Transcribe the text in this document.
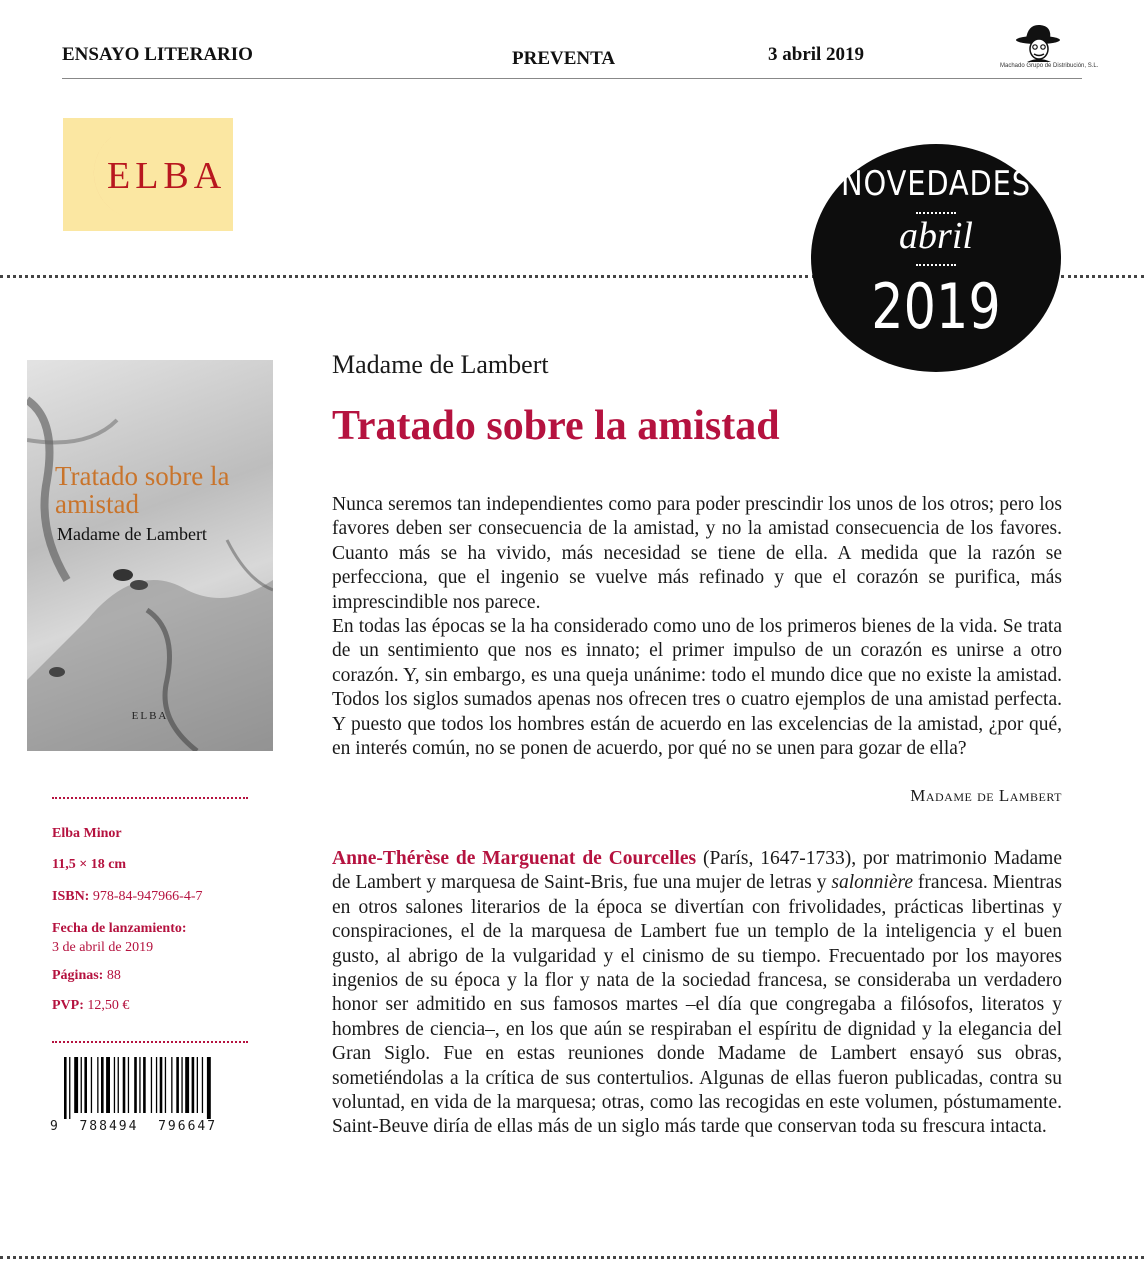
ENSAYO LITERARIO	PREVENTA	3 abril 2019
Machado Grupo de Distribución, S.L.
ELBA	NOVEDADES
abril
2019
Tratado sobre la amistad
Madame de Lambert
ELBA
Elba Minor
11,5 × 18 cm
ISBN: 978-84-947966-4-7
Fecha de lanzamiento:
3 de abril de 2019
Páginas: 88
PVP: 12,50 €
9  788494  796647
Madame de Lambert
Tratado sobre la amistad

Nunca seremos tan independientes como para poder prescindir los unos de los otros; pero los favores deben ser consecuencia de la amistad, y no la amistad consecuencia de los favores. Cuanto más se ha vivido, más necesidad se tiene de ella. A medida que la razón se perfecciona, que el ingenio se vuelve más refinado y que el corazón se purifica, más imprescindible nos parece.

En todas las épocas se la ha considerado como uno de los primeros bienes de la vida. Se trata de un sentimiento que nos es innato; el primer impulso de un corazón es unirse a otro corazón. Y, sin embargo, es una queja unánime: todo el mundo dice que no existe la amistad. Todos los siglos sumados apenas nos ofrecen tres o cuatro ejemplos de una amistad perfecta. Y puesto que todos los hombres están de acuerdo en las excelencias de la amistad, ¿por qué, en interés común, no se ponen de acuerdo, por qué no se unen para gozar de ella?

Madame de Lambert

Anne-Thérèse de Marguenat de Courcelles (París, 1647-1733), por matrimonio Madame de Lambert y marquesa de Saint-Bris, fue una mujer de letras y salonnière francesa. Mientras en otros salones literarios de la época se divertían con frivolidades, prácticas libertinas y conspiraciones, el de la marquesa de Lambert fue un templo de la inteligencia y el buen gusto, al abrigo de la vulgaridad y el cinismo de su tiempo. Frecuentado por los mayores ingenios de su época y la flor y nata de la sociedad francesa, se consideraba un verdadero honor ser admitido en sus famosos martes –el día que congregaba a filósofos, literatos y hombres de ciencia–, en los que aún se respiraban el espíritu de dignidad y la elegancia del Gran Siglo. Fue en estas reuniones donde Madame de Lambert ensayó sus obras, sometiéndolas a la crítica de sus contertulios. Algunas de ellas fueron publicadas, contra su voluntad, en vida de la marquesa; otras, como las recogidas en este volumen, póstumamente. Saint-Beuve diría de ellas más de un siglo más tarde que conservan toda su frescura intacta.
